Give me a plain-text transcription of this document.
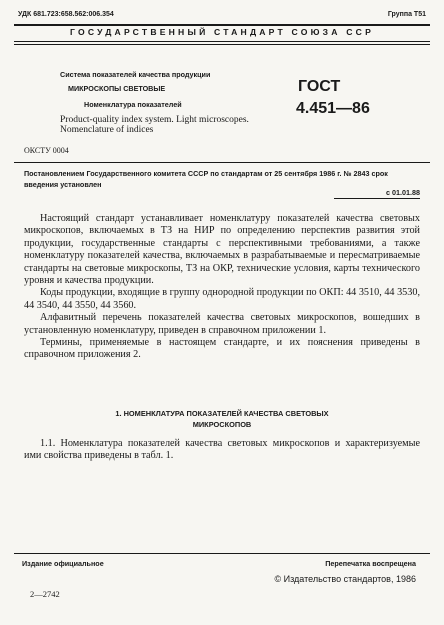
УДК 681.723:658.562:006.354	Группа Т51
ГОСУДАРСТВЕННЫЙ СТАНДАРТ СОЮЗА ССР
Система показателей качества продукции
МИКРОСКОПЫ СВЕТОВЫЕ
Номенклатура показателей
Product-quality index system. Light microscopes. Nomenclature of indices
ГОСТ
4.451—86
ОКСТУ 0004
Постановлением Государственного комитета СССР по стандартам от 25 сентября 1986 г. № 2843 срок введения установлен
с 01.01.88

Настоящий стандарт устанавливает номенклатуру показателей качества световых микроскопов, включаемых в ТЗ на НИР по определению перспектив развития этой продукции, государственные стандарты с перспективными требованиями, а также номенклатуру показателей качества, включаемых в разрабатываемые и пересматриваемые стандарты на световые микроскопы, ТЗ на ОКР, технические условия, карты технического уровня и качества продукции.

Коды продукции, входящие в группу однородной продукции по ОКП: 44 3510, 44 3530, 44 3540, 44 3550, 44 3560.

Алфавитный перечень показателей качества световых микроскопов, вошедших в установленную номенклатуру, приведен в справочном приложении 1.

Термины, применяемые в настоящем стандарте, и их пояснения приведены в справочном приложения 2.

1. НОМЕНКЛАТУРА ПОКАЗАТЕЛЕЙ КАЧЕСТВА СВЕТОВЫХ МИКРОСКОПОВ

1.1. Номенклатура показателей качества световых микроскопов и характеризуемые ими свойства приведены в табл. 1.

Издание официальное	Перепечатка воспрещена
© Издательство стандартов, 1986
2—2742
